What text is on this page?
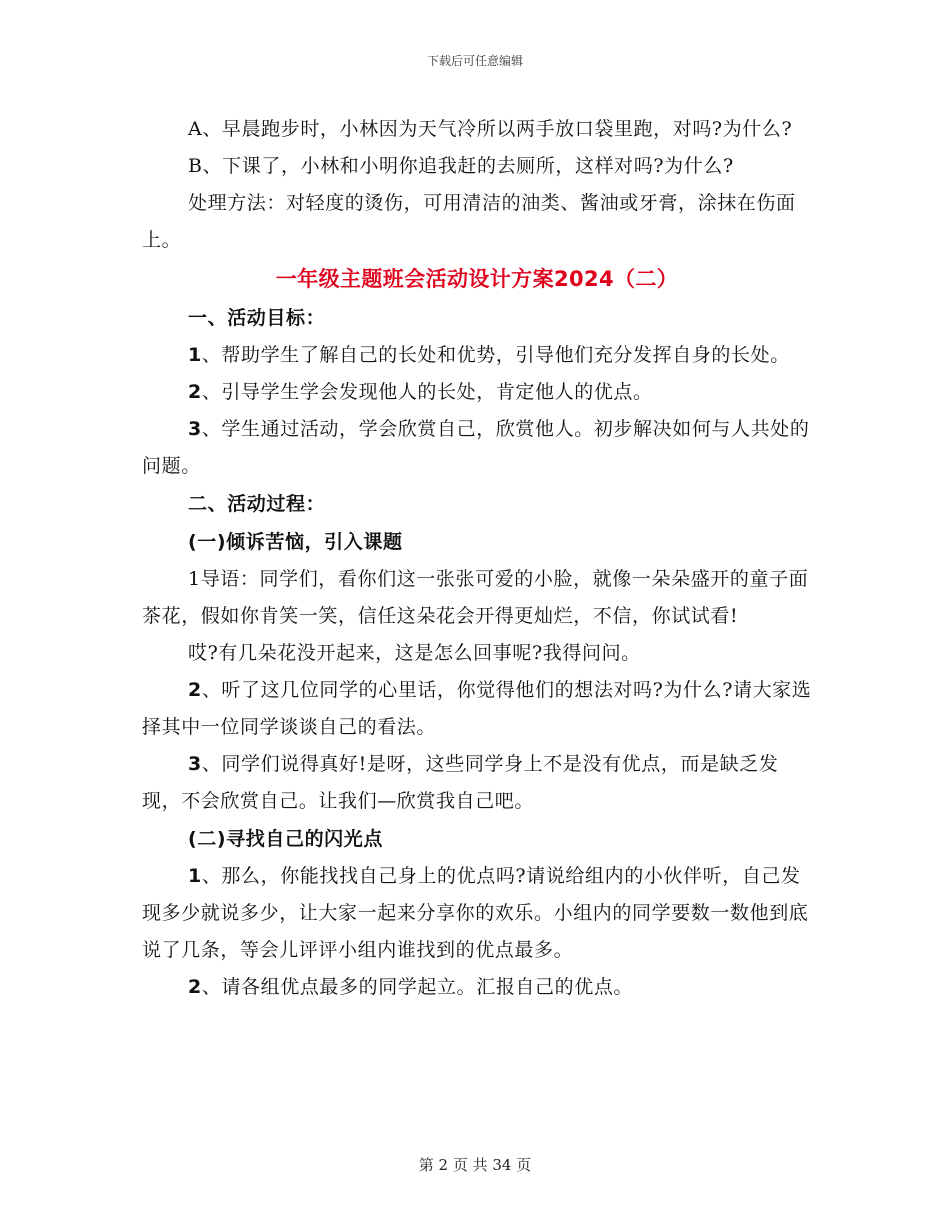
下载后可任意编辑

A、早晨跑步时，小林因为天气冷所以两手放口袋里跑，对吗?为什么?

B、下课了，小林和小明你追我赶的去厕所，这样对吗?为什么?

处理方法：对轻度的烫伤，可用清洁的油类、酱油或牙膏，涂抹在伤面上。

一年级主题班会活动设计方案2024（二）

一、活动目标：

1、帮助学生了解自己的长处和优势，引导他们充分发挥自身的长处。

2、引导学生学会发现他人的长处，肯定他人的优点。

3、学生通过活动，学会欣赏自己，欣赏他人。初步解决如何与人共处的问题。

二、活动过程：

(一)倾诉苦恼，引入课题

1导语：同学们，看你们这一张张可爱的小脸，就像一朵朵盛开的童子面茶花，假如你肯笑一笑，信任这朵花会开得更灿烂，不信，你试试看!

哎?有几朵花没开起来，这是怎么回事呢?我得问问。

2、听了这几位同学的心里话，你觉得他们的想法对吗?为什么?请大家选择其中一位同学谈谈自己的看法。

3、同学们说得真好!是呀，这些同学身上不是没有优点，而是缺乏发现，不会欣赏自己。让我们—欣赏我自己吧。

(二)寻找自己的闪光点

1、那么，你能找找自己身上的优点吗?请说给组内的小伙伴听，自己发现多少就说多少，让大家一起来分享你的欢乐。小组内的同学要数一数他到底说了几条，等会儿评评小组内谁找到的优点最多。

2、请各组优点最多的同学起立。汇报自己的优点。

第 2 页 共 34 页
